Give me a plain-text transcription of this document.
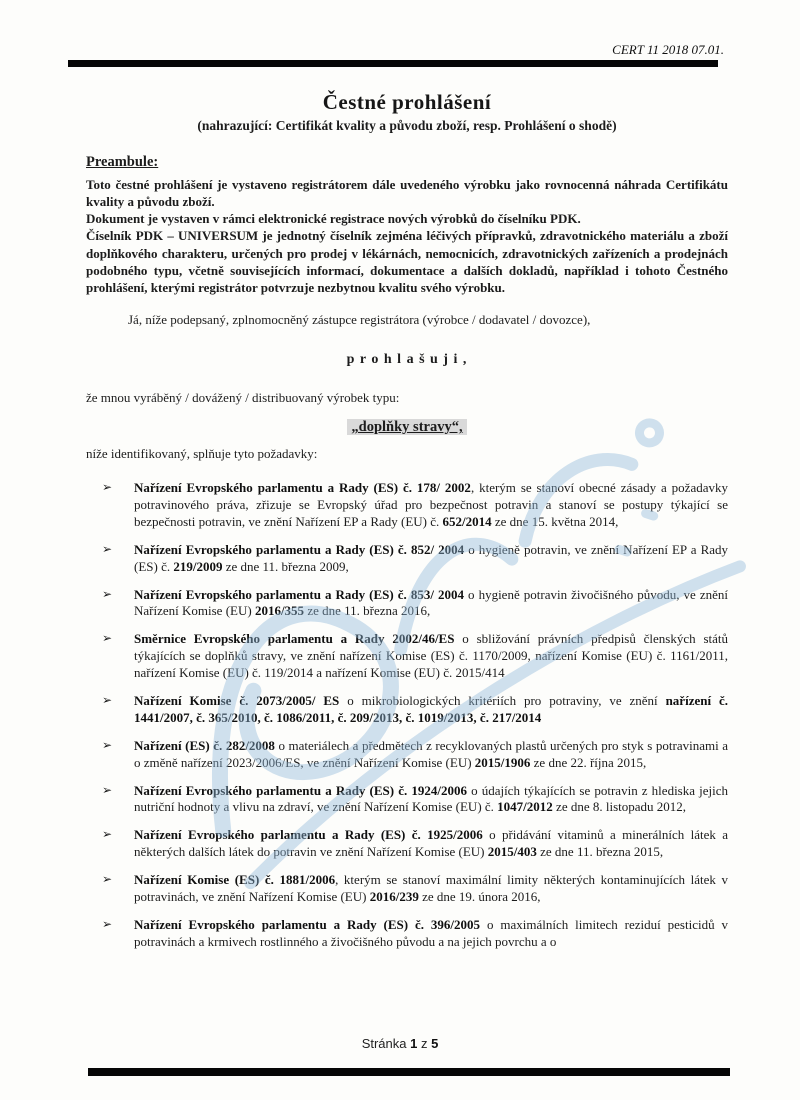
CERT 11 2018 07.01.
Čestné prohlášení
(nahrazující: Certifikát kvality a původu zboží, resp. Prohlášení o shodě)
Preambule:

Toto čestné prohlášení je vystaveno registrátorem dále uvedeného výrobku jako rovnocenná náhrada Certifikátu kvality a původu zboží.

Dokument je vystaven v rámci elektronické registrace nových výrobků do číselníku PDK.

Číselník PDK – UNIVERSUM je jednotný číselník zejména léčivých přípravků, zdravotnického materiálu a zboží doplňkového charakteru, určených pro prodej v lékárnách, nemocnicích, zdravotnických zařízeních a prodejnách podobného typu, včetně souvisejících informací, dokumentace a dalších dokladů, například i tohoto Čestného prohlášení, kterými registrátor potvrzuje nezbytnou kvalitu svého výrobku.

Já, níže podepsaný, zplnomocněný zástupce registrátora (výrobce / dodavatel / dovozce),

p r o h l a š u j i ,

že mnou vyráběný / dovážený / distribuovaný výrobek typu:

„doplňky stravy“,

níže identifikovaný, splňuje tyto požadavky:

➢	Nařízení Evropského parlamentu a Rady (ES) č. 178/ 2002, kterým se stanoví obecné zásady a požadavky potravinového práva, zřizuje se Evropský úřad pro bezpečnost potravin a stanoví se postupy týkající se bezpečnosti potravin, ve znění Nařízení EP a Rady (EU) č. 652/2014 ze dne 15. května 2014,
➢	Nařízení Evropského parlamentu a Rady (ES) č. 852/ 2004 o hygieně potravin, ve znění Nařízení EP a Rady (ES) č. 219/2009 ze dne 11. března 2009,
➢	Nařízení Evropského parlamentu a Rady (ES) č. 853/ 2004 o hygieně potravin živočišného původu, ve znění Nařízení Komise (EU) 2016/355 ze dne 11. března 2016,
➢	Směrnice Evropského parlamentu a Rady 2002/46/ES o sbližování právních předpisů členských států týkajících se doplňků stravy, ve znění nařízení Komise (ES) č. 1170/2009, nařízení Komise (EU) č. 1161/2011, nařízení Komise (EU) č. 119/2014 a nařízení Komise (EU) č. 2015/414
➢	Nařízení Komise č. 2073/2005/ ES o mikrobiologických kritériích pro potraviny, ve znění nařízení č. 1441/2007, č. 365/2010, č. 1086/2011, č. 209/2013, č. 1019/2013, č. 217/2014
➢	Nařízení (ES) č. 282/2008 o materiálech a předmětech z recyklovaných plastů určených pro styk s potravinami a o změně nařízení 2023/2006/ES, ve znění Nařízení Komise (EU) 2015/1906 ze dne 22. října 2015,
➢	Nařízení Evropského parlamentu a Rady (ES) č. 1924/2006 o údajích týkajících se potravin z hlediska jejich nutriční hodnoty a vlivu na zdraví, ve znění Nařízení Komise (EU) č. 1047/2012 ze dne 8. listopadu 2012,
➢	Nařízení Evropského parlamentu a Rady (ES) č. 1925/2006 o přidávání vitaminů a minerálních látek a některých dalších látek do potravin ve znění Nařízení Komise (EU) 2015/403 ze dne 11. března 2015,
➢	Nařízení Komise (ES) č. 1881/2006, kterým se stanoví maximální limity některých kontaminujících látek v potravinách, ve znění Nařízení Komise (EU) 2016/239 ze dne 19. února 2016,
➢	Nařízení Evropského parlamentu a Rady (ES) č. 396/2005 o maximálních limitech reziduí pesticidů v potravinách a krmivech rostlinného a živočišného původu a na jejich povrchu a o
Stránka 1 z 5
